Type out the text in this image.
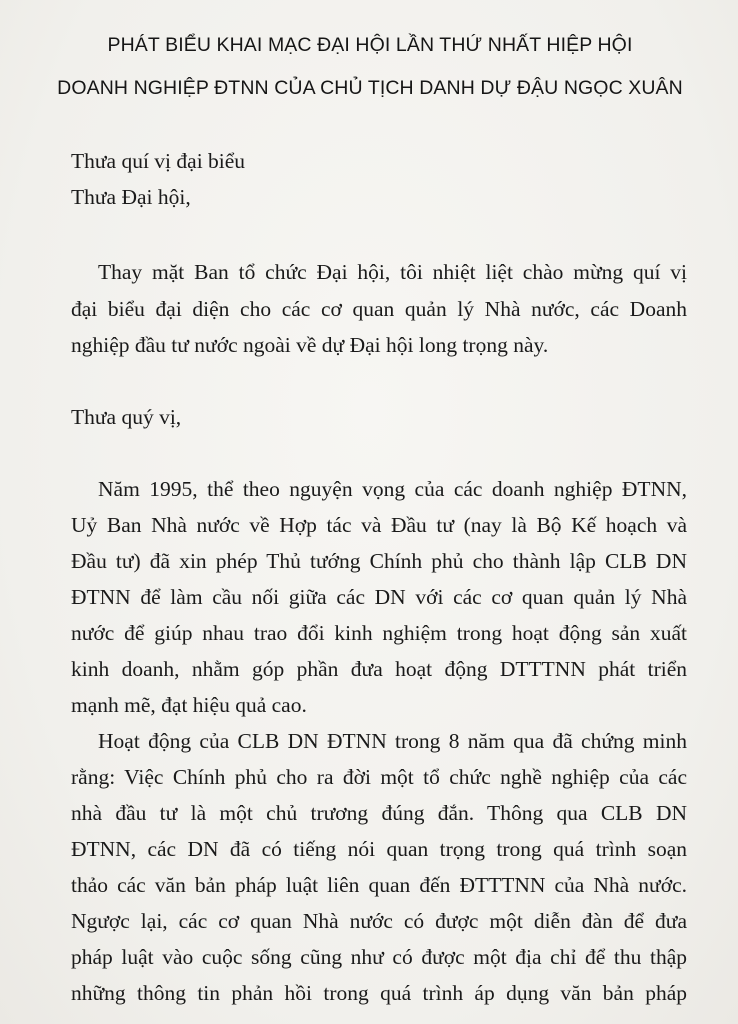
PHÁT BIỂU KHAI MẠC ĐẠI HỘI LẦN THỨ NHẤT HIỆP HỘI
DOANH NGHIỆP ĐTNN CỦA CHỦ TỊCH DANH DỰ ĐẬU NGỌC XUÂN
Thưa quí vị đại biểu
Thưa Đại hội,
Thay mặt Ban tổ chức Đại hội, tôi nhiệt liệt chào mừng quí vị
đại biểu đại diện cho các cơ quan quản lý Nhà nước, các Doanh
nghiệp đầu tư nước ngoài về dự Đại hội long trọng này.
Thưa quý vị,
Năm 1995, thể theo nguyện vọng của các doanh nghiệp ĐTNN,
Uỷ Ban Nhà nước về Hợp tác và Đầu tư (nay là Bộ Kế hoạch và
Đầu tư) đã xin phép Thủ tướng Chính phủ cho thành lập CLB DN
ĐTNN để làm cầu nối giữa các DN với các cơ quan quản lý Nhà
nước để giúp nhau trao đổi kinh nghiệm trong hoạt động sản xuất
kinh doanh, nhằm góp phần đưa hoạt động DTTTNN phát triển
mạnh mẽ, đạt hiệu quả cao.
Hoạt động của CLB DN ĐTNN trong 8 năm qua đã chứng minh
rằng: Việc Chính phủ cho ra đời một tổ chức nghề nghiệp của các
nhà đầu tư là một chủ trương đúng đắn. Thông qua CLB DN
ĐTNN, các DN đã có tiếng nói quan trọng trong quá trình soạn
thảo các văn bản pháp luật liên quan đến ĐTTTNN của Nhà nước.
Ngược lại, các cơ quan Nhà nước có được một diễn đàn để đưa
pháp luật vào cuộc sống cũng như có được một địa chỉ để thu thập
những thông tin phản hồi trong quá trình áp dụng văn bản pháp
